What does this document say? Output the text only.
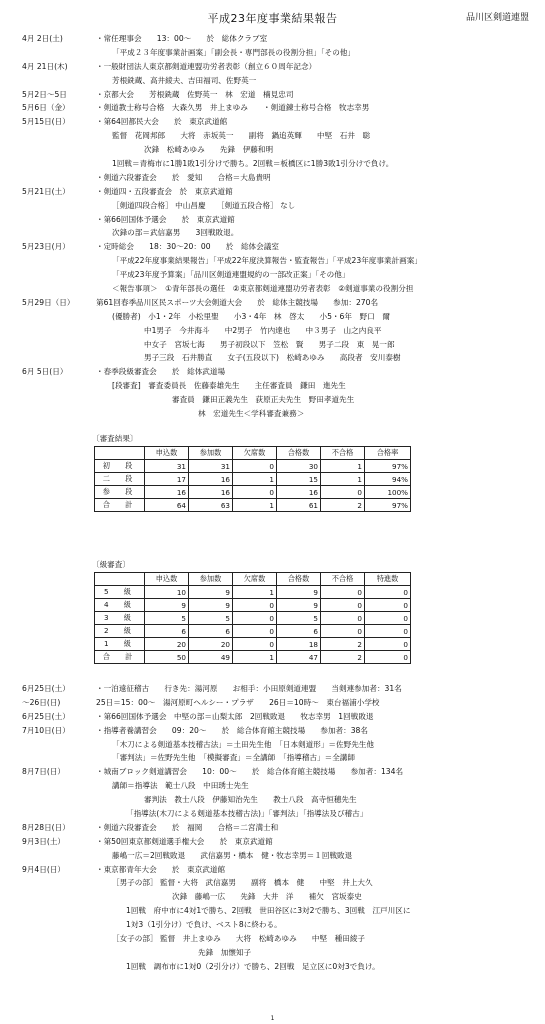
平成23年度事業結果報告	品川区剣道連盟
4月 2日(土)	・常任理事会　　13：00～　　於　総体クラブ室
「平成２３年度事業計画案」「副会長・専門部長の役割分担」「その他」
4月 21日(木)	・一般財団法人東京都剣道連盟功労者表彰（創立６０周年記念）
芳根銑蔵、高井綾夫、吉田福司、佐野英一
5月2日～5日	・京都大会　　芳根銑蔵　佐野英一　林　宏道　楠見忠司
5月6日（金）	・剣道教士称号合格　大森久男　井上まゆみ　　・剣道錬士称号合格　牧志幸男
5月15日(日）	・第64回都民大会　　於　東京武道館
監督　花岡邦郎　　大将　赤坂英一　　副将　鍋追英輝　　中堅　石井　聡
次鋒　松崎あゆみ　　先鋒　伊藤和明
1回戦＝青梅市に1勝1敗1引分けで勝ち。2回戦＝板橋区に1勝3敗1引分けで負け。
・剣道六段審査会　　於　愛知　　合格＝大島貴明
5月21日(土）	・剣道四・五段審査会　於　東京武道館
［剣道四段合格］ 中山昌慶　　［剣道五段合格］ なし
・第66回国体予選会　　於　東京武道館
次鋒の部＝武信嘉男　　3回戦敗退。
5月23日(月）	・定時総会　　18：30～20：00　　於　総体会議室
「平成22年度事業結果報告」「平成22年度決算報告・監査報告」「平成23年度事業計画案」
「平成23年度予算案」「品川区剣道連盟規約の一部改正案」「その他」
＜報告事項＞　①青年部長の選任　②東京都剣道連盟功労者表彰　②剣道事業の役割分担
5月29日（日）	第61回春季品川区民スポーツ大会剣道大会　　於　総体主競技場　　参加：270名
(優勝者)　小1・2年　小松里聖　　小3・4年　林　啓太　　小5・6年　野口　爾
中1男子　今井海斗　　中2男子　竹内達也　　中３男子　山之内良平
中女子　宮坂七海　　男子初段以下　笠松　賢　　男子二段　東　晃一郎
男子三段　石井勝直　　女子(五段以下)　松崎あゆみ　　高段者　安川泰樹
6月 5日(日）	・春季段級審査会　　於　総体武道場
[段審査]　審査委員長　佐藤泰雄先生　　主任審査員　鎌田　進先生
審査員　鎌田正義先生　荻原正夫先生　野田孝道先生
林　宏道先生＜学科審査兼務＞
〔審査結果〕
	申込数	参加数	欠席数	合格数	不合格	合格率
初　段	31	31	0	30	1	97%
二　段	17	16	1	15	1	94%
参　段	16	16	0	16	0	100%
合　計	64	63	1	61	2	97%
〔級審査〕
	申込数	参加数	欠席数	合格数	不合格	特進数
5　級	10	9	1	9	0	0
4　級	9	9	0	9	0	0
3　級	5	5	0	5	0	0
2　級	6	6	0	6	0	0
1　級	20	20	0	18	2	0
合　計	50	49	1	47	2	0
6月25日(土）	・一泊遠征稽古　　行き先：湯河原　　お相手：小田原剣道連盟　　当剣連参加者：31名
～26日(日)	25日＝15：00～　湯河原町ヘルシー・プラザ　　26日＝10時～　東台福浦小学校
6月25日(土）	・第66回国体予選会　中堅の部＝山梨太郎　2回戦敗退　　牧志幸男　1回戦敗退
7月10日(日）	・指導者養講習会　　09：20～　　於　総合体育館主競技場　　参加者：38名
「木刀による剣道基本技稽古法」＝土田先生他　「日本剣道形」＝佐野先生他
「審判法」＝佐野先生他　「模擬審査」＝全講師　「指導稽古」＝全講師
8月7日(日）	・城南ブロック剣道講習会　　10：00～　　於　総合体育館主競技場　　参加者：134名
講師＝指導法　範士八段　中田琇士先生
審判法　教士八段　伊藤知治先生　　教士八段　高寺恒穂先生
「指導法(木刀による剣道基本技稽古法)」「審判法」「指導法及び稽古」
8月28日(日）	・剣道六段審査会　　於　福岡　　合格＝二宮満士和
9月3日(土）	・第50回東京都剣道選手権大会　　於　東京武道館
藤嶋一広＝2回戦敗退　　武信嘉男・橋本　健・牧志幸男＝１回戦敗退
9月4日(日）	・東京都青年大会　　於　東京武道館
［男子の部］ 監督・大将　武信嘉男　　副将　橋本　健　　中堅　井上大久
次鋒　藤嶋一広　　先鋒　大井　洋　　補欠　宮坂泰史
1回戦　府中市に4対1で勝ち、2回戦　世田谷区に3対2で勝ち、3回戦　江戸川区に
1対3（1引分け）で負け、ベスト8に終わる。
［女子の部］ 監督　井上まゆみ　　大将　松崎あゆみ　　中堅　種田綾子
先鋒　加懐知子
1回戦　調布市に1対0（2引分け）で勝ち、2回戦　足立区に0対3で負け。
1
